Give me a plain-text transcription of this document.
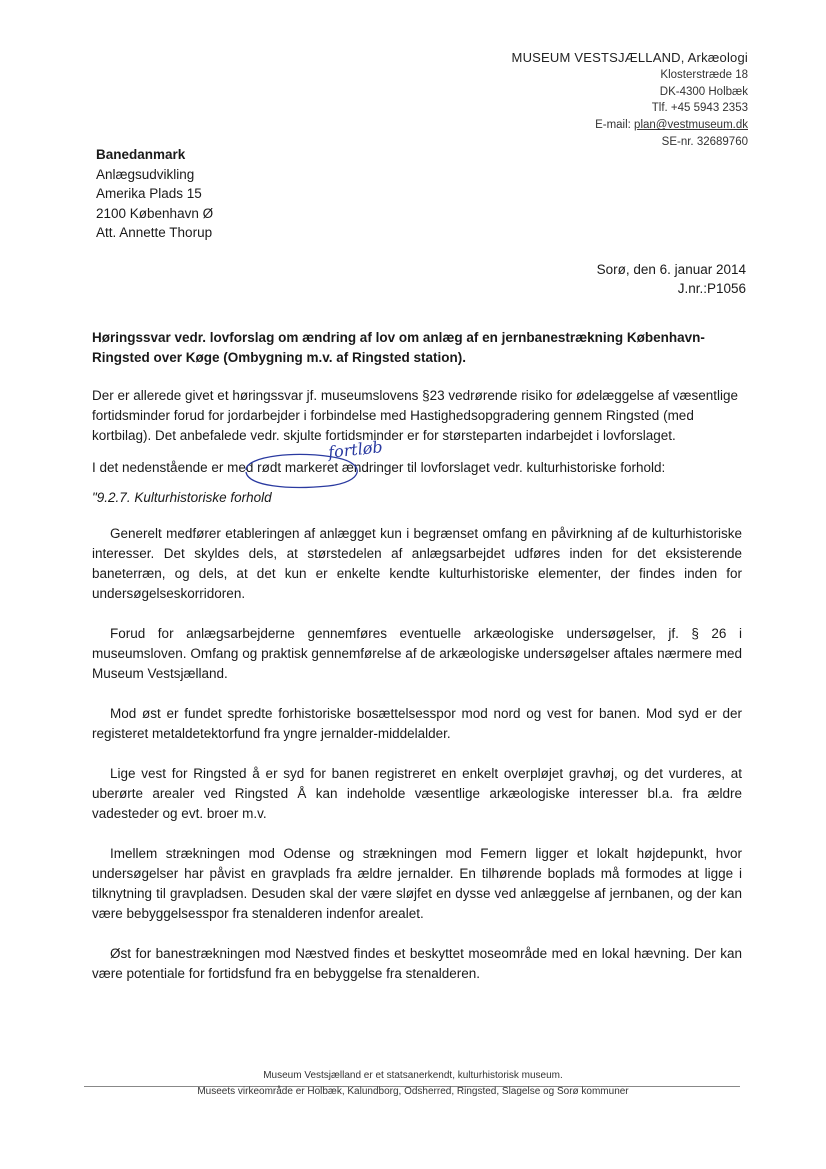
MUSEUM VESTSJÆLLAND, Arkæologi
Klosterstræde 18
DK-4300 Holbæk
Tlf. +45 5943 2353
E-mail: plan@vestmuseum.dk
SE-nr. 32689760
Banedanmark
Anlægsudvikling
Amerika Plads 15
2100 København Ø
Att. Annette Thorup
Sorø, den 6. januar 2014
J.nr.:P1056

Høringssvar vedr. lovforslag om ændring af lov om anlæg af en jernbanestrækning København-Ringsted over Køge (Ombygning m.v. af Ringsted station).

Der er allerede givet et høringssvar jf. museumslovens §23 vedrørende risiko for ødelæggelse af væsentlige fortidsminder forud for jordarbejder i forbindelse med Hastighedsopgradering gennem Ringsted (med kortbilag). Det anbefalede vedr. skjulte fortidsminder er for størsteparten indarbejdet i lovforslaget.

I det nedenstående er med rødt markeret ændringer til lovforslaget vedr. kulturhistoriske forhold:

"9.2.7. Kulturhistoriske forhold

Generelt medfører etableringen af anlægget kun i begrænset omfang en påvirkning af de kulturhistoriske interesser. Det skyldes dels, at størstedelen af anlægsarbejdet udføres inden for det eksisterende baneterræn, og dels, at det kun er enkelte kendte kulturhistoriske elementer, der findes inden for undersøgelseskorridoren.

Forud for anlægsarbejderne gennemføres eventuelle arkæologiske undersøgelser, jf. § 26 i museumsloven. Omfang og praktisk gennemførelse af de arkæologiske undersøgelser aftales nærmere med Museum Vestsjælland.

Mod øst er fundet spredte forhistoriske bosættelsesspor mod nord og vest for banen. Mod syd er der registeret metaldetektorfund fra yngre jernalder-middelalder.

Lige vest for Ringsted å er syd for banen registreret en enkelt overpløjet gravhøj, og det vurderes, at uberørte arealer ved Ringsted Å kan indeholde væsentlige arkæologiske interesser bl.a. fra ældre vadesteder og evt. broer m.v.

Imellem strækningen mod Odense og strækningen mod Femern ligger et lokalt højdepunkt, hvor undersøgelser har påvist en gravplads fra ældre jernalder. En tilhørende boplads må formodes at ligge i tilknytning til gravpladsen. Desuden skal der være sløjfet en dysse ved anlæggelse af jernbanen, og der kan være bebyggelsesspor fra stenalderen indenfor arealet.

Øst for banestrækningen mod Næstved findes et beskyttet moseområde med en lokal hævning. Der kan være potentiale for fortidsfund fra en bebyggelse fra stenalderen.

fortløb
Museum Vestsjælland er et statsanerkendt, kulturhistorisk museum.
Museets virkeområde er Holbæk, Kalundborg, Odsherred, Ringsted, Slagelse og Sorø kommuner
